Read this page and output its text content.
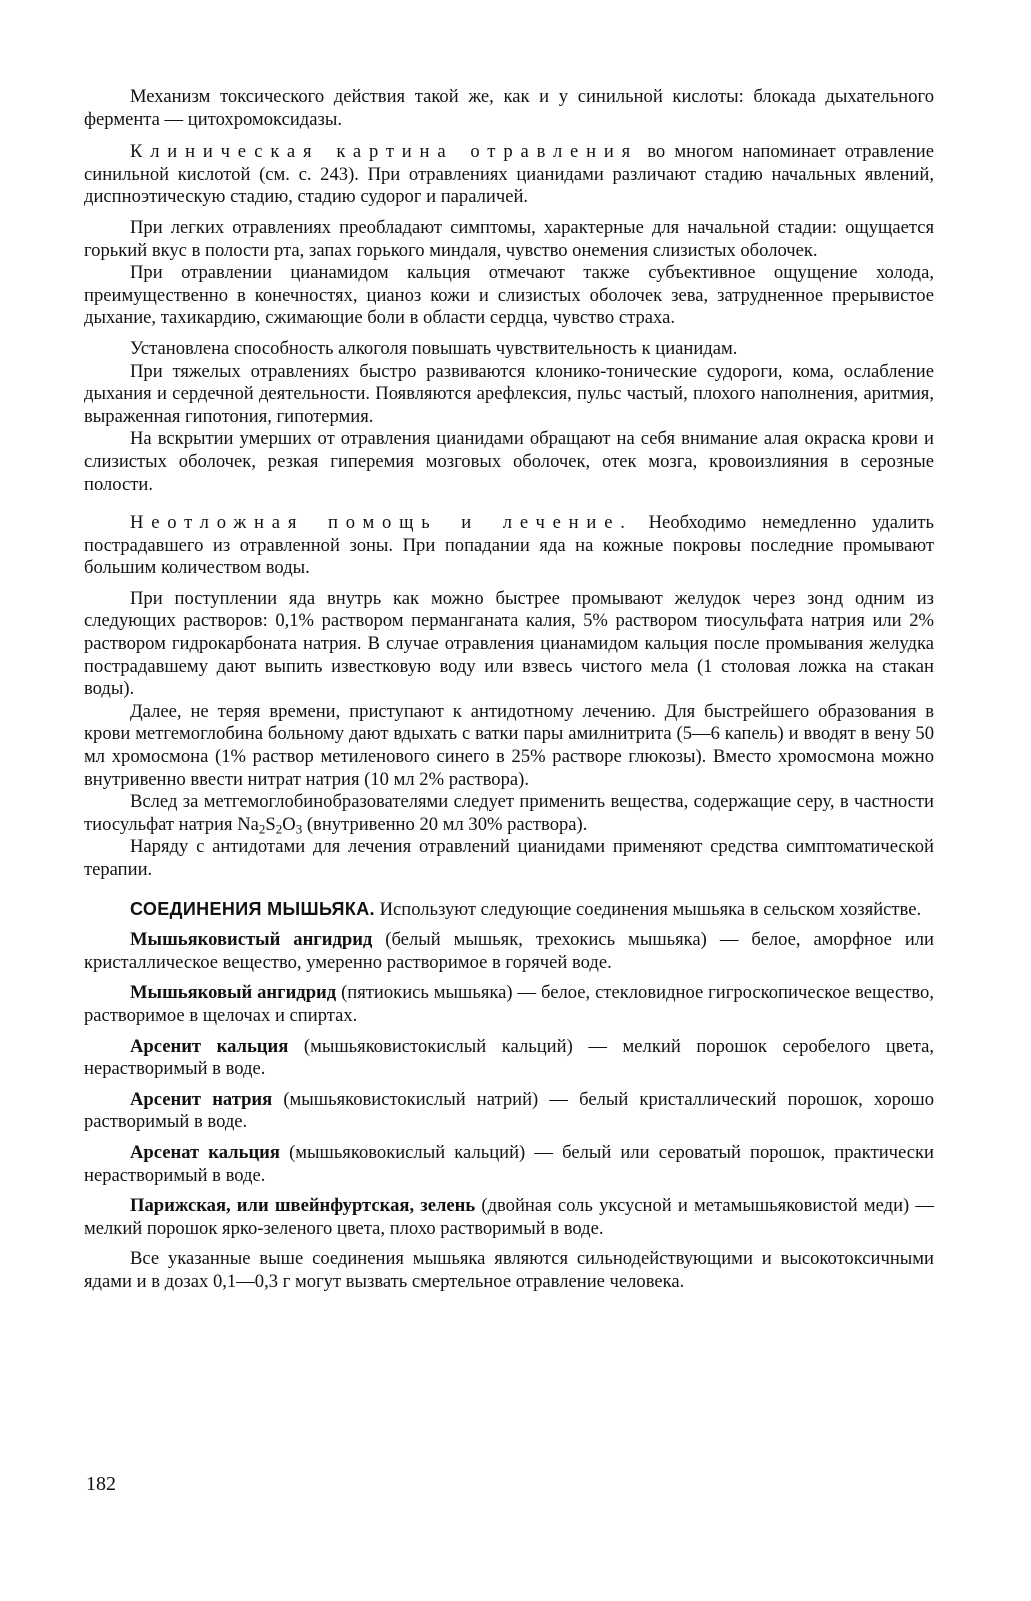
Механизм токсического действия такой же, как и у синильной кислоты: блокада дыхательного фермента — цитохромоксидазы.

Клиническая картина отравления во многом напоминает отравление синильной кислотой (см. с. 243). При отравлениях цианидами различают стадию начальных явлений, диспноэтическую стадию, стадию судорог и параличей.

При легких отравлениях преобладают симптомы, характерные для начальной стадии: ощущается горький вкус в полости рта, запах горького миндаля, чувство онемения слизистых оболочек.

При отравлении цианамидом кальция отмечают также субъективное ощущение холода, преимущественно в конечностях, цианоз кожи и слизистых оболочек зева, затрудненное прерывистое дыхание, тахикардию, сжимающие боли в области сердца, чувство страха.

Установлена способность алкоголя повышать чувствительность к цианидам.

При тяжелых отравлениях быстро развиваются клонико-тонические судороги, кома, ослабление дыхания и сердечной деятельности. Появляются арефлексия, пульс частый, плохого наполнения, аритмия, выраженная гипотония, гипотермия.

На вскрытии умерших от отравления цианидами обращают на себя внимание алая окраска крови и слизистых оболочек, резкая гиперемия мозговых оболочек, отек мозга, кровоизлияния в серозные полости.

Неотложная помощь и лечение. Необходимо немедленно удалить пострадавшего из отравленной зоны. При попадании яда на кожные покровы последние промывают большим количеством воды.

При поступлении яда внутрь как можно быстрее промывают желудок через зонд одним из следующих растворов: 0,1% раствором перманганата калия, 5% раствором тиосульфата натрия или 2% раствором гидрокарбоната натрия. В случае отравления цианамидом кальция после промывания желудка пострадавшему дают выпить известковую воду или взвесь чистого мела (1 столовая ложка на стакан воды).

Далее, не теряя времени, приступают к антидотному лечению. Для быстрейшего образования в крови метгемоглобина больному дают вдыхать с ватки пары амилнитрита (5—6 капель) и вводят в вену 50 мл хромосмона (1% раствор метиленового синего в 25% растворе глюкозы). Вместо хромосмона можно внутривенно ввести нитрат натрия (10 мл 2% раствора).

Вслед за метгемоглобинобразователями следует применить вещества, содержащие серу, в частности тиосульфат натрия $Na_2S_2O_3$ (внутривенно 20 мл 30% раствора).

Наряду с антидотами для лечения отравлений цианидами применяют средства симптоматической терапии.

СОЕДИНЕНИЯ МЫШЬЯКА. Используют следующие соединения мышьяка в сельском хозяйстве.

Мышьяковистый ангидрид (белый мышьяк, трехокись мышьяка) — белое, аморфное или кристаллическое вещество, умеренно растворимое в горячей воде.

Мышьяковый ангидрид (пятиокись мышьяка) — белое, стекловидное гигроскопическое вещество, растворимое в щелочах и спиртах.

Арсенит кальция (мышьяковистокислый кальций) — мелкий порошок серобелого цвета, нерастворимый в воде.

Арсенит натрия (мышьяковистокислый натрий) — белый кристаллический порошок, хорошо растворимый в воде.

Арсенат кальция (мышьяковокислый кальций) — белый или сероватый порошок, практически нерастворимый в воде.

Парижская, или швейнфуртская, зелень (двойная соль уксусной и метамышьяковистой меди) — мелкий порошок ярко-зеленого цвета, плохо растворимый в воде.

Все указанные выше соединения мышьяка являются сильнодействующими и высокотоксичными ядами и в дозах 0,1—0,3 г могут вызвать смертельное отравление человека.

182
